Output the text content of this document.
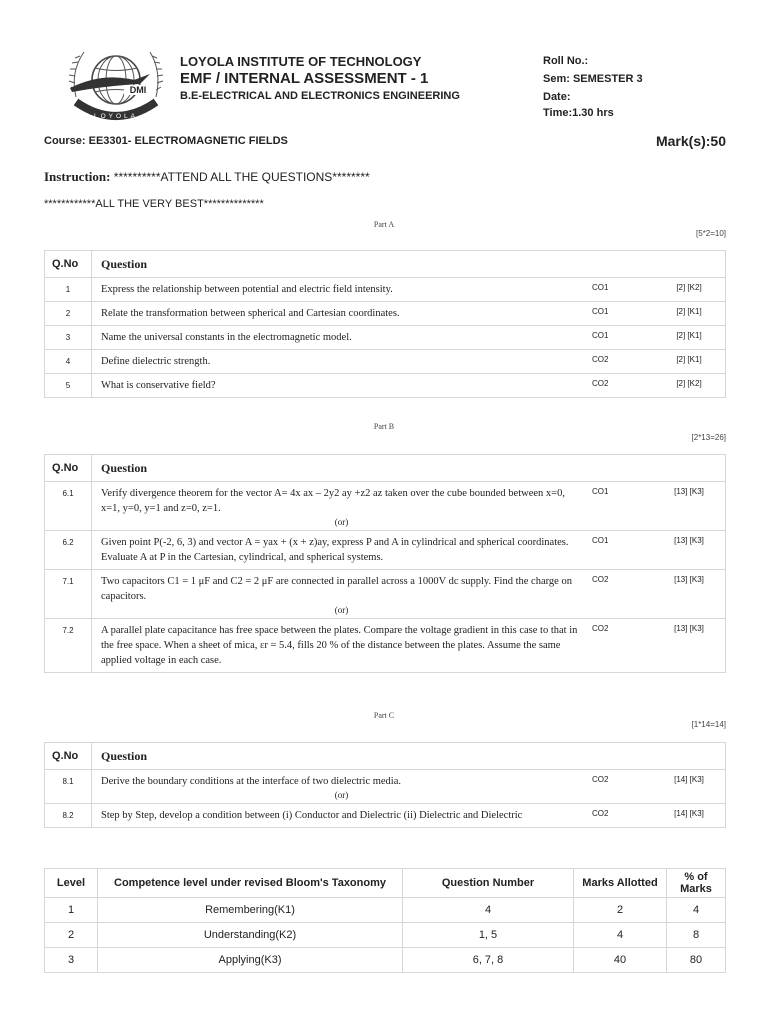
DMI
LOYOLA
LOYOLA INSTITUTE OF TECHNOLOGY
EMF / INTERNAL ASSESSMENT - 1
B.E-ELECTRICAL AND ELECTRONICS ENGINEERING
Roll No.:
Sem: SEMESTER 3
Date:
Time:1.30 hrs
Course: EE3301- ELECTROMAGNETIC FIELDS	Mark(s):50
Instruction: **********ATTEND ALL THE QUESTIONS********
************ALL THE VERY BEST**************
Part A
[5*2=10]
Q.No	Question		
1	Express the relationship between potential and electric field intensity.	CO1	[2] [K2]
2	Relate the transformation between spherical and Cartesian coordinates.	CO1	[2] [K1]
3	Name the universal constants in the electromagnetic model.	CO1	[2] [K1]
4	Define dielectric strength.	CO2	[2] [K1]
5	What is conservative field?	CO2	[2] [K2]
Part B
[2*13=26]
Q.No	Question		
6.1	Verify divergence theorem for the vector A= 4x ax – 2y2 ay +z2 az taken over the cube bounded between x=0, x=1, y=0, y=1 and z=0, z=1.	CO1	[13] [K3]
	(or)		
6.2	Given point P(-2, 6, 3) and vector A = yax + (x + z)ay, express P and A in cylindrical and spherical coordinates. Evaluate A at P in the Cartesian, cylindrical, and spherical systems.	CO1	[13] [K3]
7.1	Two capacitors C1 = 1 μF and C2 = 2 μF are connected in parallel across a 1000V dc supply. Find the charge on capacitors.	CO2	[13] [K3]
	(or)		
7.2	A parallel plate capacitance has free space between the plates. Compare the voltage gradient in this case to that in the free space. When a sheet of mica, εr = 5.4, fills 20 % of the distance between the plates. Assume the same applied voltage in each case.	CO2	[13] [K3]
Part C
[1*14=14]
Q.No	Question		
8.1	Derive the boundary conditions at the interface of two dielectric media.	CO2	[14] [K3]
	(or)		
8.2	Step by Step, develop a condition between (i) Conductor and Dielectric (ii) Dielectric and Dielectric	CO2	[14] [K3]
Level	Competence level under revised Bloom's Taxonomy	Question Number	Marks Allotted	% of Marks
1	Remembering(K1)	4	2	4
2	Understanding(K2)	1, 5	4	8
3	Applying(K3)	6, 7, 8	40	80
